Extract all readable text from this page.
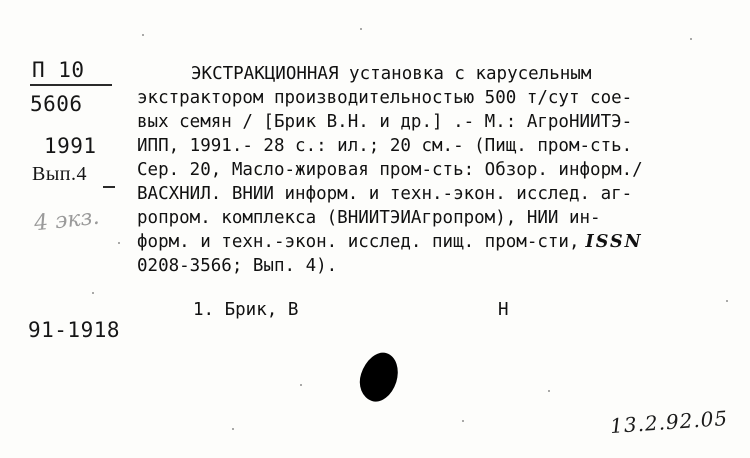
П 10
5606
1991
Вып.4
4 экз.
91-1918
ЭКСТРАКЦИОННАЯ установка с карусельным
экстрактором производительностью 500 т/сут сое-
вых семян / [Брик В.Н. и др.] .- М.: АгроНИИТЭ-
ИПП, 1991.- 28 с.: ил.; 20 см.- (Пищ. пром-сть.
Сер. 20, Масло-жировая пром-сть: Обзор. информ./
ВАСХНИЛ. ВНИИ информ. и техн.-экон. исслед. аг-
ропром. комплекса (ВНИИТЭИАгропром), НИИ ин-
форм. и техн.-экон. исслед. пищ. пром-сти, ISSN
0208-3566; Вып. 4).
1. Брик, В	Н
13.2.92.05
